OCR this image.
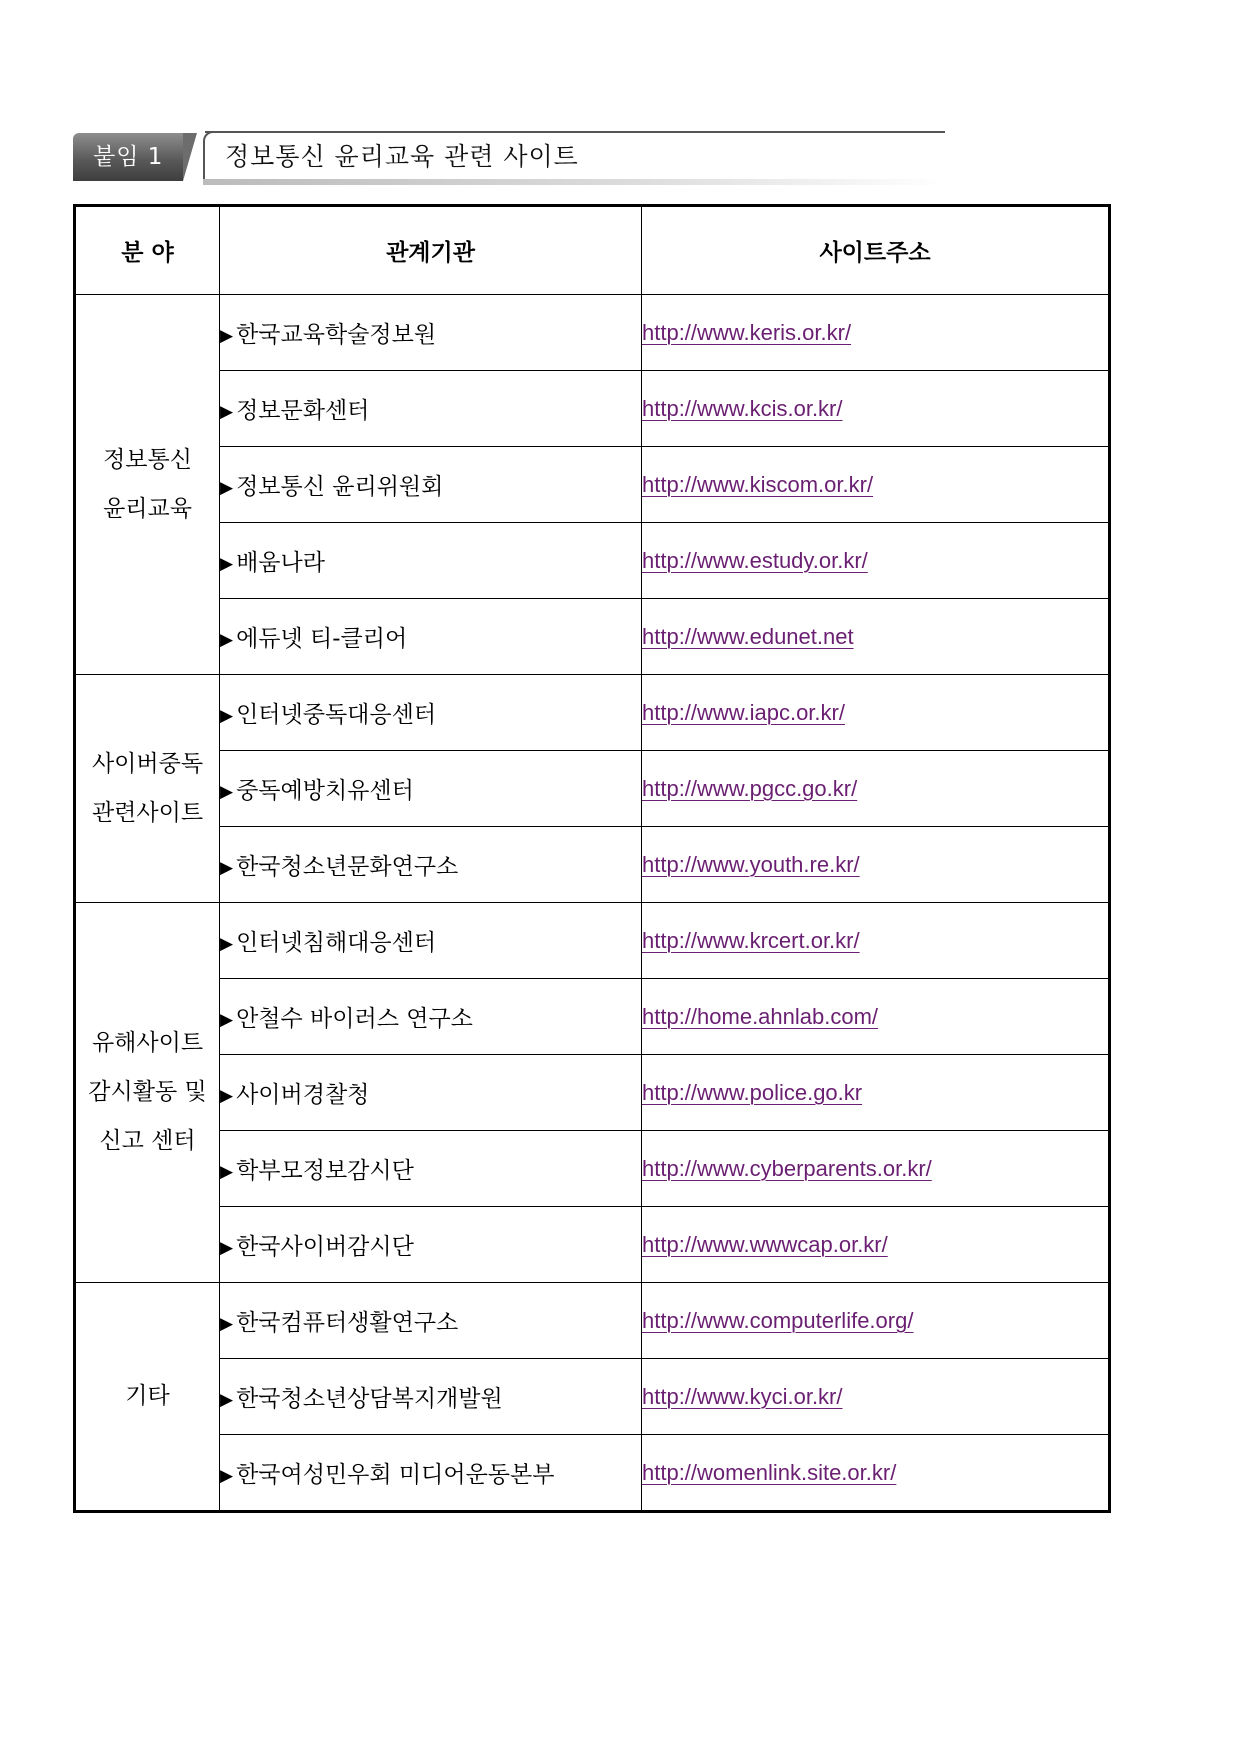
붙임 1	정보통신 윤리교육 관련 사이트
분 야	관계기관	사이트주소

정보통신
윤리교육	▶ 한국교육학술정보원	http://www.keris.or.kr/
	▶ 정보문화센터	http://www.kcis.or.kr/
	▶ 정보통신 윤리위원회	http://www.kiscom.or.kr/
	▶ 배움나라	http://www.estudy.or.kr/
	▶ 에듀넷 티-클리어	http://www.edunet.net

사이버중독
관련사이트	▶ 인터넷중독대응센터	http://www.iapc.or.kr/
	▶ 중독예방치유센터	http://www.pgcc.go.kr/
	▶ 한국청소년문화연구소	http://www.youth.re.kr/

유해사이트
감시활동 및
신고 센터	▶ 인터넷침해대응센터	http://www.krcert.or.kr/
	▶ 안철수 바이러스 연구소	http://home.ahnlab.com/
	▶ 사이버경찰청	http://www.police.go.kr
	▶ 학부모정보감시단	http://www.cyberparents.or.kr/
	▶ 한국사이버감시단	http://www.wwwcap.or.kr/

기타	▶ 한국컴퓨터생활연구소	http://www.computerlife.org/
	▶ 한국청소년상담복지개발원	http://www.kyci.or.kr/
	▶ 한국여성민우회 미디어운동본부	http://womenlink.site.or.kr/
